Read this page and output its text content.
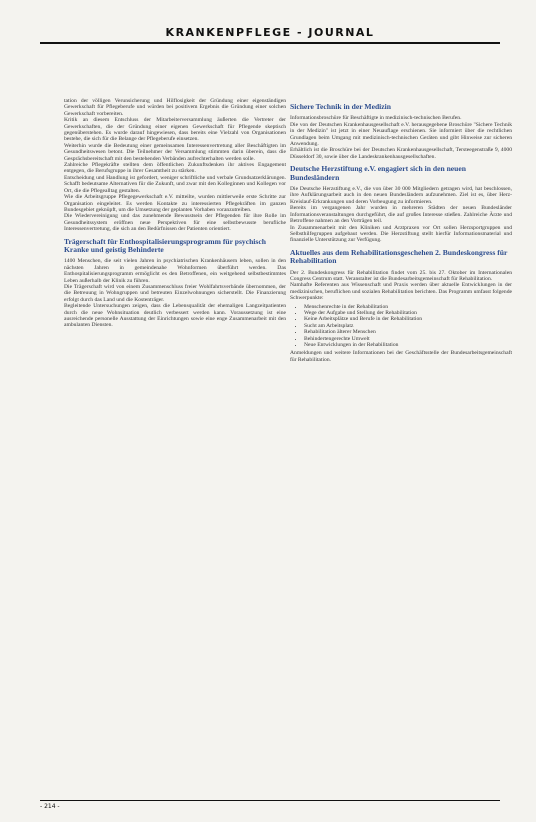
KRANKENPFLEGE - JOURNAL

tation der völligen Verunsicherung und Hilflosigkeit der Gründung einer eigenständigen Gewerkschaft für Pflegeberufe und würden bei positivem Ergebnis die Gründung einer solchen Gewerkschaft vorbereiten.

Kritik an diesem Entschluss der Mitarbeiterversammlung äußerten die Vertreter der Gewerkschaften, die der Gründung einer eigenen Gewerkschaft für Pflegende skeptisch gegenüberstehen. Es wurde darauf hingewiesen, dass bereits eine Vielzahl von Organisationen bestehe, die sich für die Belange der Pflegeberufe einsetzen.

Weiterhin wurde die Bedeutung einer gemeinsamen Interessenvertretung aller Beschäftigten im Gesundheitswesen betont. Die Teilnehmer der Versammlung stimmten darin überein, dass die Gesprächsbereitschaft mit den bestehenden Verbänden aufrechterhalten werden solle.

Zahlreiche Pflegekräfte stellten dem öffentlichen Zukunftsdenken ihr aktives Engagement entgegen, die Berufsgruppe in ihrer Gesamtheit zu stärken.

Entscheidung und Handlung ist gefordert, weniger schriftliche und verbale Grundsatzerklärungen. Schafft bedeutsame Alternativen für die Zukunft, und zwar mit den Kolleginnen und Kollegen vor Ort, die die Pflegealltag gestalten.

Wie die Arbeitsgruppe Pflegegewerkschaft e.V. mitteilte, wurden mittlerweile erste Schritte zur Organisation eingeleitet. Es werden Kontakte zu interessierten Pflegekräften im ganzen Bundesgebiet geknüpft, um die Umsetzung der geplanten Vorhaben voranzutreiben.

Die Wiedervereinigung und das zunehmende Bewusstsein der Pflegenden für ihre Rolle im Gesundheitssystem eröffnen neue Perspektiven für eine selbstbewusste berufliche Interessenvertretung, die sich an den Bedürfnissen der Patienten orientiert.

Trägerschaft für Enthospitalisierungsprogramm für psychisch Kranke und geistig Behinderte

1400 Menschen, die seit vielen Jahren in psychiatrischen Krankenhäusern leben, sollen in den nächsten Jahren in gemeindenahe Wohnformen überführt werden. Das Enthospitalisierungsprogramm ermöglicht es den Betroffenen, ein weitgehend selbstbestimmtes Leben außerhalb der Klinik zu führen.

Die Trägerschaft wird von einem Zusammenschluss freier Wohlfahrtsverbände übernommen, der die Betreuung in Wohngruppen und betreuten Einzelwohnungen sicherstellt. Die Finanzierung erfolgt durch das Land und die Kostenträger.

Begleitende Untersuchungen zeigen, dass die Lebensqualität der ehemaligen Langzeitpatienten durch die neue Wohnsituation deutlich verbessert werden kann. Voraussetzung ist eine ausreichende personelle Ausstattung der Einrichtungen sowie eine enge Zusammenarbeit mit den ambulanten Diensten.

Sichere Technik in der Medizin

Informationsbroschüre für Beschäftigte in medizinisch-technischen Berufen.

Die von der Deutschen Krankenhausgesellschaft e.V. herausgegebene Broschüre "Sichere Technik in der Medizin" ist jetzt in einer Neuauflage erschienen. Sie informiert über die rechtlichen Grundlagen beim Umgang mit medizinisch-technischen Geräten und gibt Hinweise zur sicheren Anwendung.

Erhältlich ist die Broschüre bei der Deutschen Krankenhausgesellschaft, Tersteegenstraße 9, 4000 Düsseldorf 30, sowie über die Landeskrankenhausgesellschaften.

Deutsche Herzstiftung e.V. engagiert sich in den neuen Bundesländern

Die Deutsche Herzstiftung e.V., die von über 30 000 Mitgliedern getragen wird, hat beschlossen, ihre Aufklärungsarbeit auch in den neuen Bundesländern aufzunehmen. Ziel ist es, über Herz-Kreislauf-Erkrankungen und deren Vorbeugung zu informieren.

Bereits im vergangenen Jahr wurden in mehreren Städten der neuen Bundesländer Informationsveranstaltungen durchgeführt, die auf großes Interesse stießen. Zahlreiche Ärzte und Betroffene nahmen an den Vorträgen teil.

In Zusammenarbeit mit den Kliniken und Arztpraxen vor Ort sollen Herzsportgruppen und Selbsthilfegruppen aufgebaut werden. Die Herzstiftung stellt hierfür Informationsmaterial und finanzielle Unterstützung zur Verfügung.

Aktuelles aus dem Rehabilitationsgeschehen 2. Bundeskongress für Rehabilitation

Der 2. Bundeskongress für Rehabilitation findet vom 25. bis 27. Oktober im Internationalen Congress Centrum statt. Veranstalter ist die Bundesarbeitsgemeinschaft für Rehabilitation.

Namhafte Referenten aus Wissenschaft und Praxis werden über aktuelle Entwicklungen in der medizinischen, beruflichen und sozialen Rehabilitation berichten. Das Programm umfasst folgende Schwerpunkte:

• Menschenrechte in der Rehabilitation
• Wege der Aufgabe und Stellung der Rehabilitation
• Keine Arbeitsplätze und Berufe in der Rehabilitation
• Sucht am Arbeitsplatz
• Rehabilitation älterer Menschen
• Behindertengerechte Umwelt
• Neue Entwicklungen in der Rehabilitation

Anmeldungen und weitere Informationen bei der Geschäftsstelle der Bundesarbeitsgemeinschaft für Rehabilitation.

- 214 -
